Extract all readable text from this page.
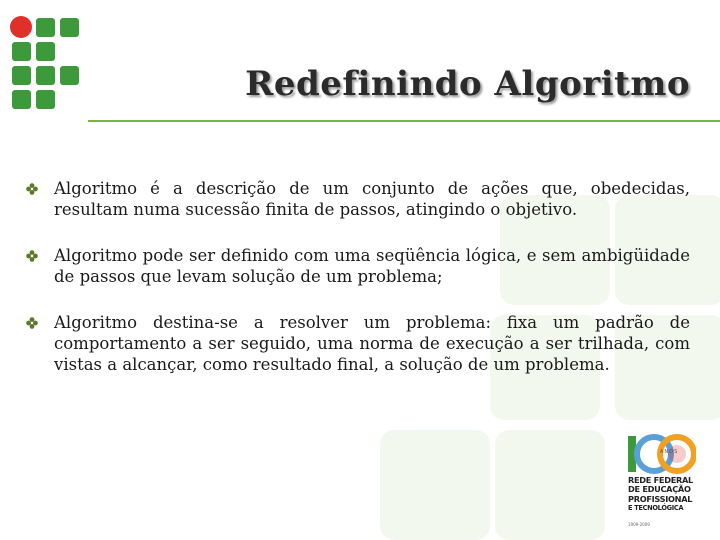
Redefinindo Algoritmo
Algoritmo é a descrição de um conjunto de ações que, obedecidas, resultam numa sucessão finita de passos, atingindo o objetivo.
Algoritmo pode ser definido com uma seqüência lógica, e sem ambigüidade de passos que levam solução de um problema;
Algoritmo destina-se a resolver um problema: fixa um padrão de comportamento a ser seguido, uma norma de execução a ser trilhada, com vistas a alcançar, como resultado final, a solução de um problema.
ANOS
REDE FEDERAL
DE EDUCAÇÃO
PROFISSIONAL
E TECNOLÓGICA
1909-2009
